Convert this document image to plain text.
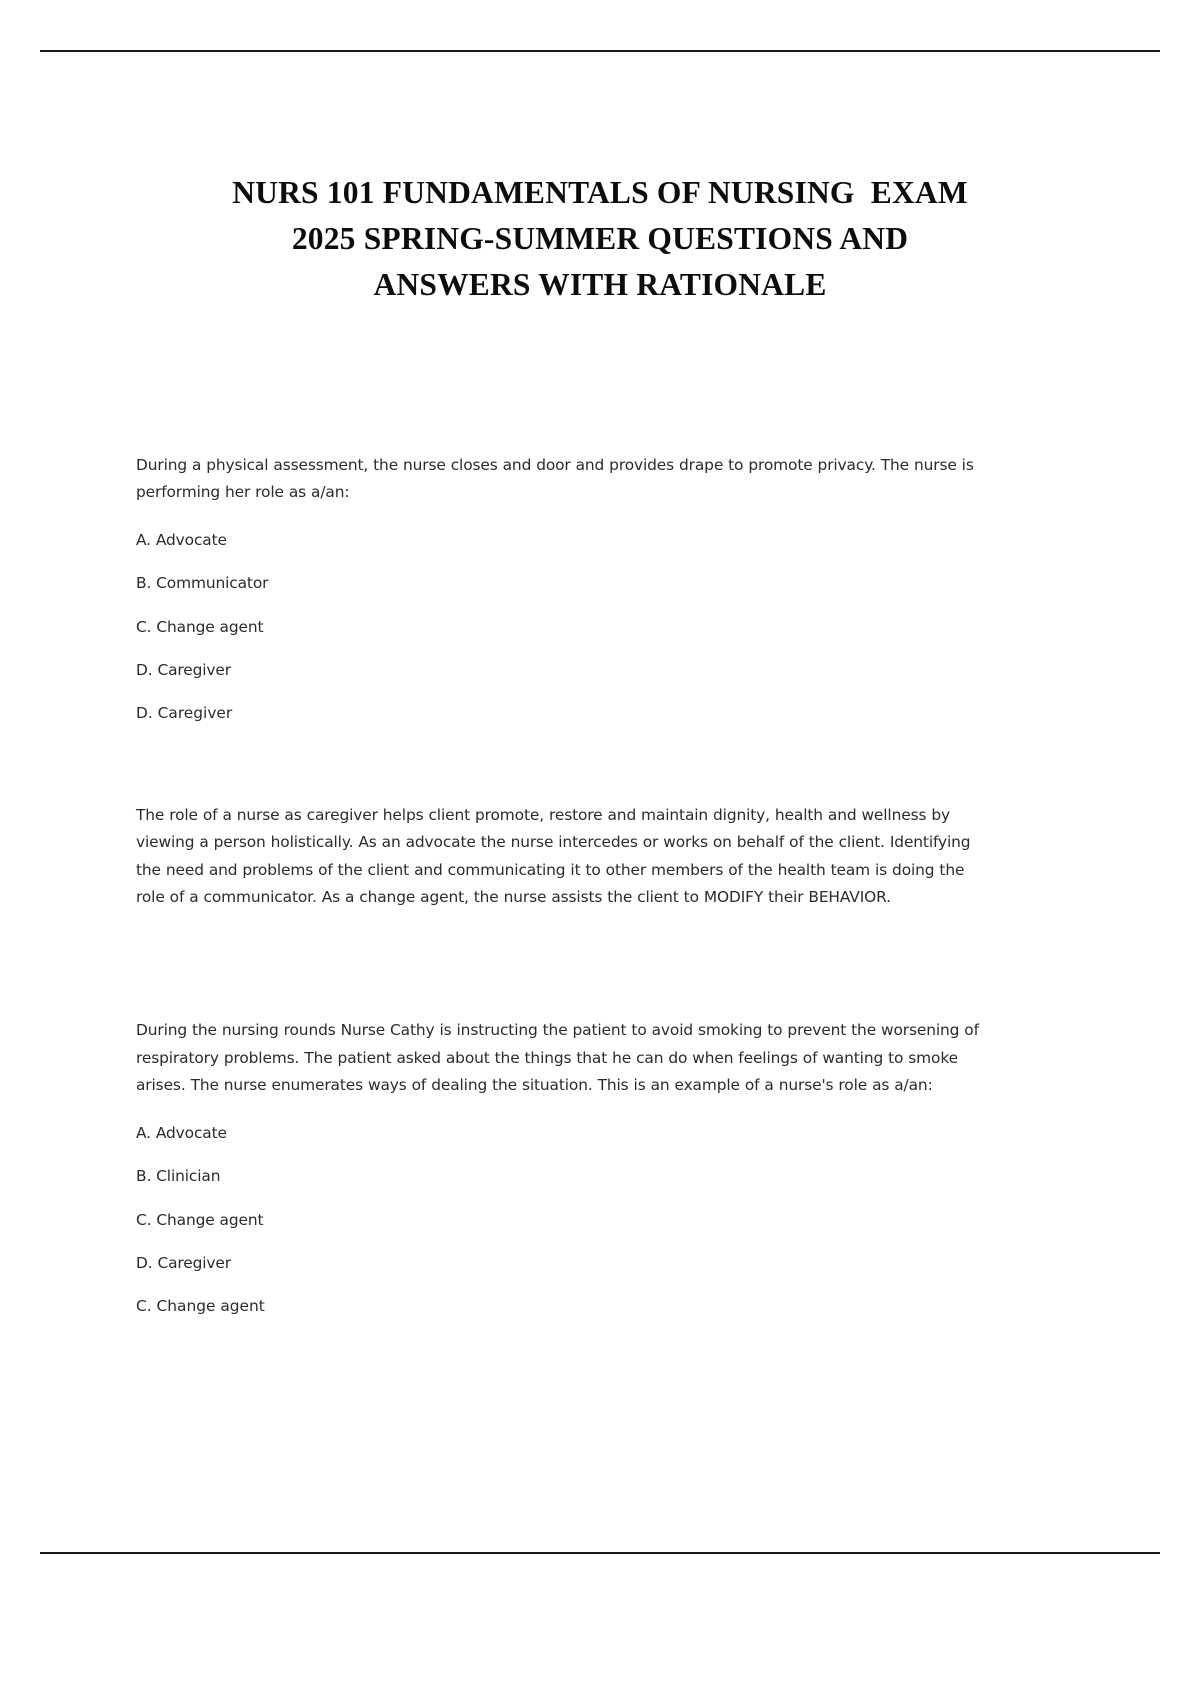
NURS 101 FUNDAMENTALS OF NURSING  EXAM
2025 SPRING-SUMMER QUESTIONS AND
ANSWERS WITH RATIONALE

During a physical assessment, the nurse closes and door and provides drape to promote privacy. The nurse is performing her role as a/an:

A. Advocate

B. Communicator

C. Change agent

D. Caregiver

D. Caregiver

The role of a nurse as caregiver helps client promote, restore and maintain dignity, health and wellness by viewing a person holistically. As an advocate the nurse intercedes or works on behalf of the client. Identifying the need and problems of the client and communicating it to other members of the health team is doing the role of a communicator. As a change agent, the nurse assists the client to MODIFY their BEHAVIOR.

During the nursing rounds Nurse Cathy is instructing the patient to avoid smoking to prevent the worsening of respiratory problems. The patient asked about the things that he can do when feelings of wanting to smoke arises. The nurse enumerates ways of dealing the situation. This is an example of a nurse's role as a/an:

A. Advocate

B. Clinician

C. Change agent

D. Caregiver

C. Change agent
